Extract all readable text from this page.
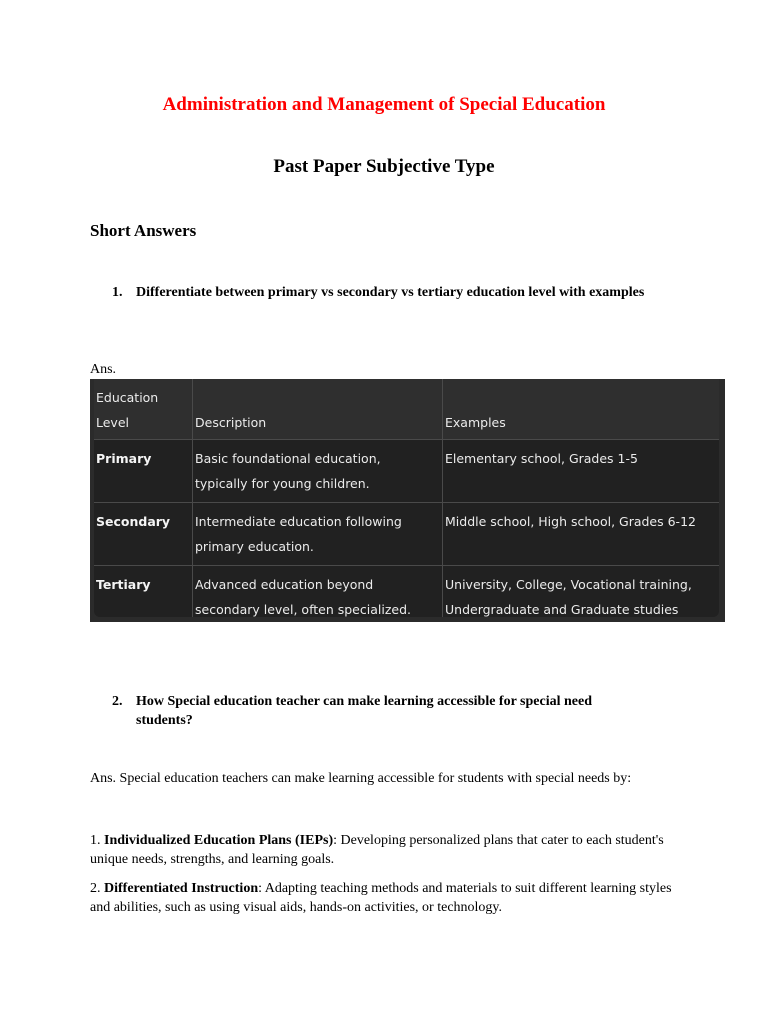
Administration and Management of Special Education
Past Paper Subjective Type
Short Answers
1. Differentiate between primary vs secondary vs tertiary education level with examples
Ans.
Education Level	Description	Examples
Primary	Basic foundational education, typically for young children.	Elementary school, Grades 1-5
Secondary	Intermediate education following primary education.	Middle school, High school, Grades 6-12
Tertiary	Advanced education beyond secondary level, often specialized.	University, College, Vocational training, Undergraduate and Graduate studies
2. How Special education teacher can make learning accessible for special need students?
Ans. Special education teachers can make learning accessible for students with special needs by:
1. Individualized Education Plans (IEPs): Developing personalized plans that cater to each student's unique needs, strengths, and learning goals.
2. Differentiated Instruction: Adapting teaching methods and materials to suit different learning styles and abilities, such as using visual aids, hands-on activities, or technology.
